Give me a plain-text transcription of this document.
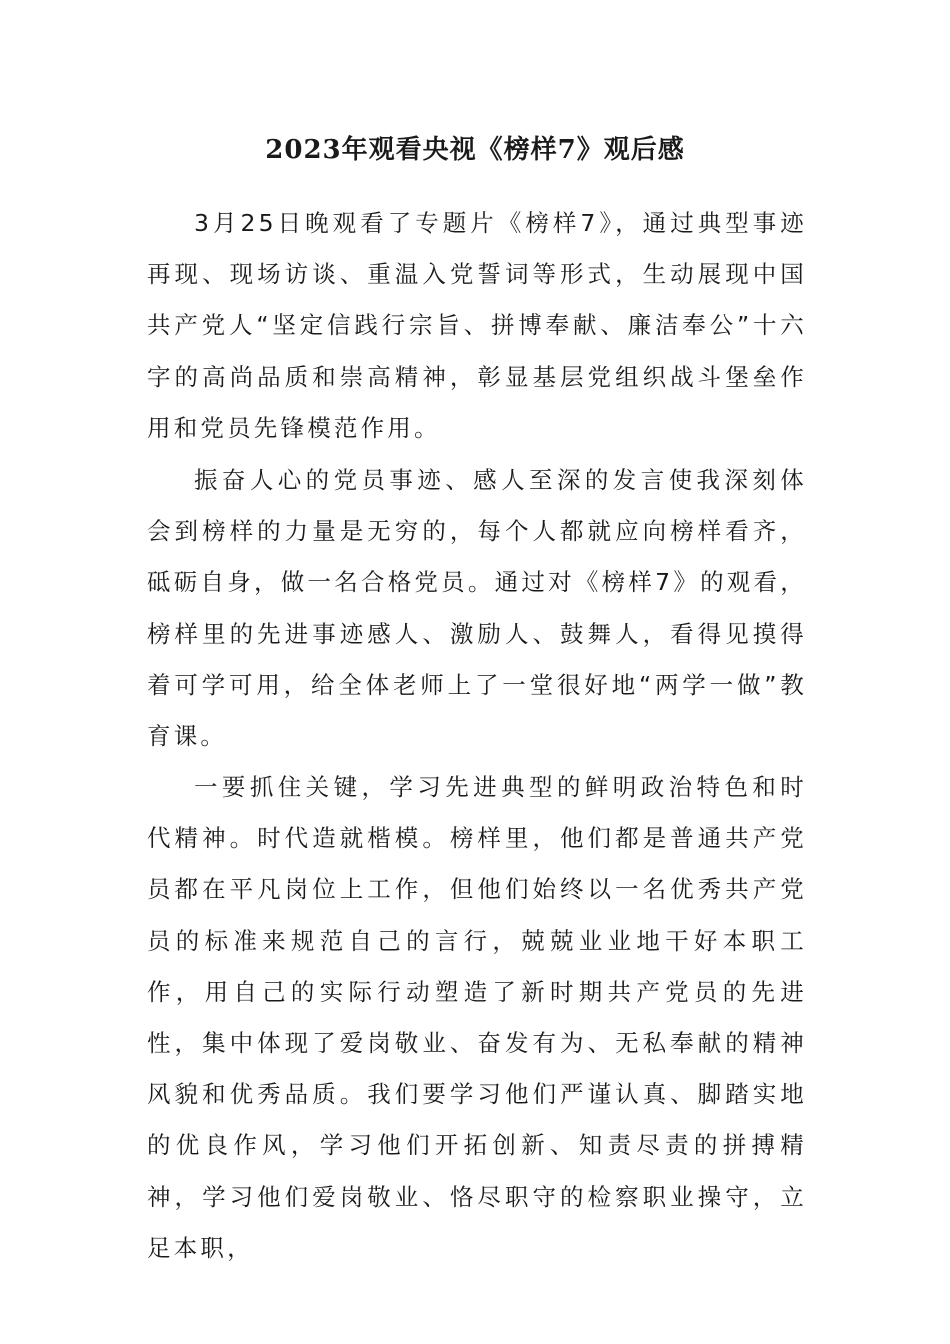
2023年观看央视《榜样7》观后感

3月25日晚观看了专题片《榜样7》，通过典型事迹再现、现场访谈、重温入党誓词等形式，生动展现中国共产党人“坚定信践行宗旨、拼博奉献、廉洁奉公”十六字的高尚品质和崇高精神，彰显基层党组织战斗堡垒作用和党员先锋模范作用。

振奋人心的党员事迹、感人至深的发言使我深刻体会到榜样的力量是无穷的，每个人都就应向榜样看齐，砥砺自身，做一名合格党员。通过对《榜样7》的观看，榜样里的先进事迹感人、激励人、鼓舞人，看得见摸得着可学可用，给全体老师上了一堂很好地“两学一做”教育课。

一要抓住关键，学习先进典型的鲜明政治特色和时代精神。时代造就楷模。榜样里，他们都是普通共产党员都在平凡岗位上工作，但他们始终以一名优秀共产党员的标准来规范自己的言行，兢兢业业地干好本职工作，用自己的实际行动塑造了新时期共产党员的先进性，集中体现了爱岗敬业、奋发有为、无私奉献的精神风貌和优秀品质。我们要学习他们严谨认真、脚踏实地的优良作风，学习他们开拓创新、知责尽责的拼搏精神，学习他们爱岗敬业、恪尽职守的检察职业操守，立足本职，
